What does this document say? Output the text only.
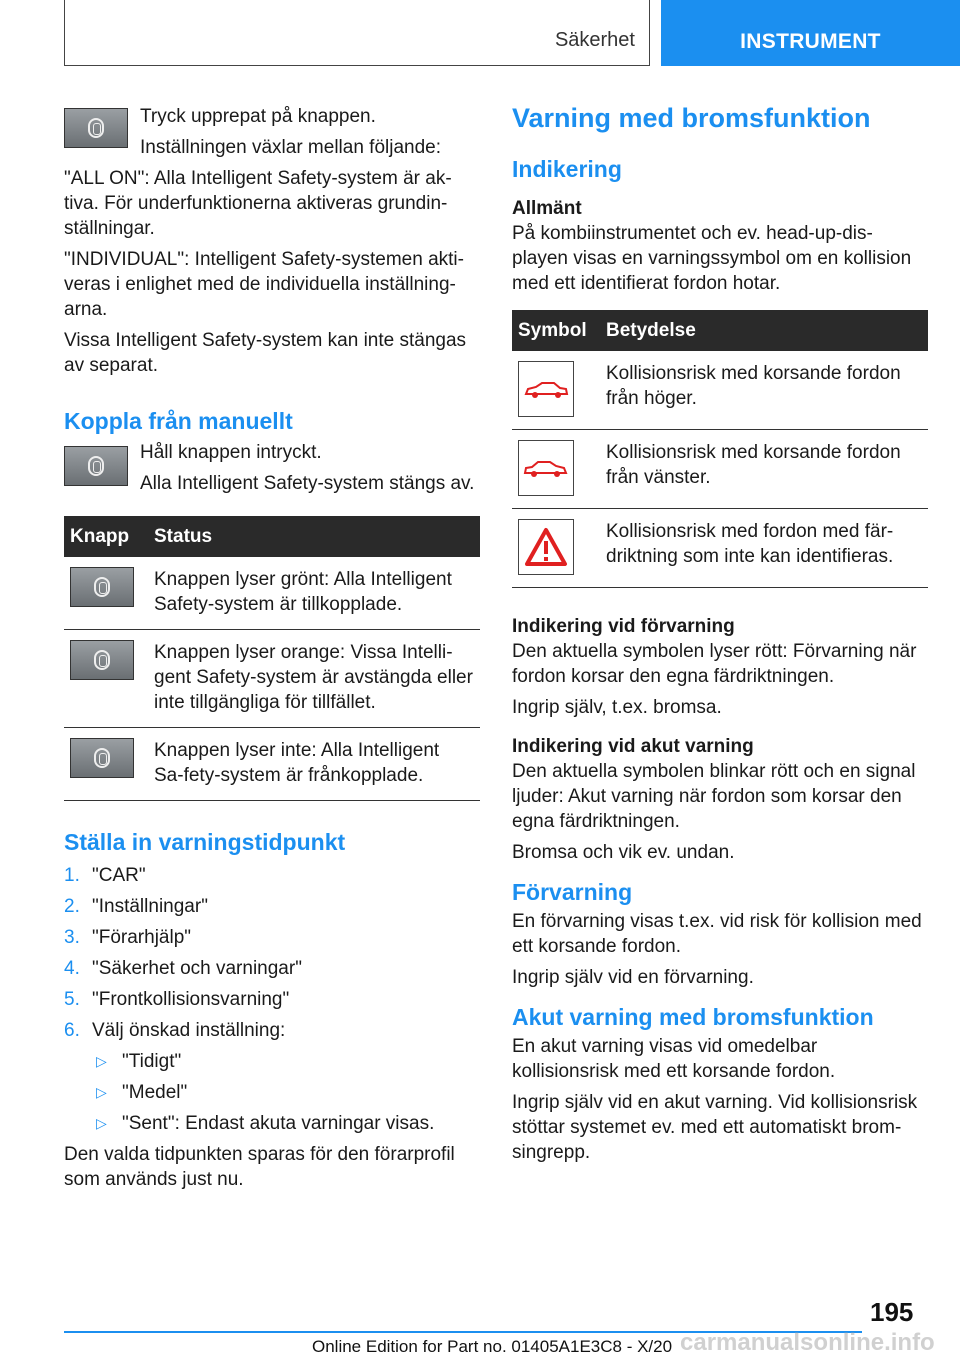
Säkerhet	INSTRUMENT
Tryck upprepat på knappen.
Inställningen växlar mellan följande:
"ALL ON": Alla Intelligent Safety-system är ak-tiva. För underfunktionerna aktiveras grundin-ställningar.
"INDIVIDUAL": Intelligent Safety-systemen akti-veras i enlighet med de individuella inställning-arna.
Vissa Intelligent Safety-system kan inte stängas av separat.
Koppla från manuellt
Håll knappen intryckt.
Alla Intelligent Safety-system stängs av.
Knapp	Status

	Knappen lyser grönt: Alla Intelligent Safety-system är tillkopplade.

	Knappen lyser orange: Vissa Intelli-gent Safety-system är avstängda eller inte tillgängliga för tillfället.

	Knappen lyser inte: Alla Intelligent Sa-fety-system är frånkopplade.
Ställa in varningstidpunkt
1. "CAR"
2. "Inställningar"
3. "Förarhjälp"
4. "Säkerhet och varningar"
5. "Frontkollisionsvarning"
6. Välj önskad inställning:
▷ "Tidigt"
▷ "Medel"
▷ "Sent": Endast akuta varningar visas.
Den valda tidpunkten sparas för den förarprofil som används just nu.
Varning med bromsfunktion
Indikering
Allmänt
På kombiinstrumentet och ev. head-up-dis-playen visas en varningssymbol om en kollision med ett identifierat fordon hotar.
Symbol	Betydelse

	Kollisionsrisk med korsande fordon från höger.

	Kollisionsrisk med korsande fordon från vänster.

	Kollisionsrisk med fordon med fär-driktning som inte kan identifieras.
Indikering vid förvarning
Den aktuella symbolen lyser rött: Förvarning när fordon korsar den egna färdriktningen.
Ingrip själv, t.ex. bromsa.
Indikering vid akut varning
Den aktuella symbolen blinkar rött och en signal ljuder: Akut varning när fordon som korsar den egna färdriktningen.
Bromsa och vik ev. undan.
Förvarning
En förvarning visas t.ex. vid risk för kollision med ett korsande fordon.
Ingrip själv vid en förvarning.
Akut varning med bromsfunktion
En akut varning visas vid omedelbar kollisionsrisk med ett korsande fordon.
Ingrip själv vid en akut varning. Vid kollisionsrisk stöttar systemet ev. med ett automatiskt brom-singrepp.
195
Online Edition for Part no. 01405A1E3C8 - X/20 carmanualsonline.info
